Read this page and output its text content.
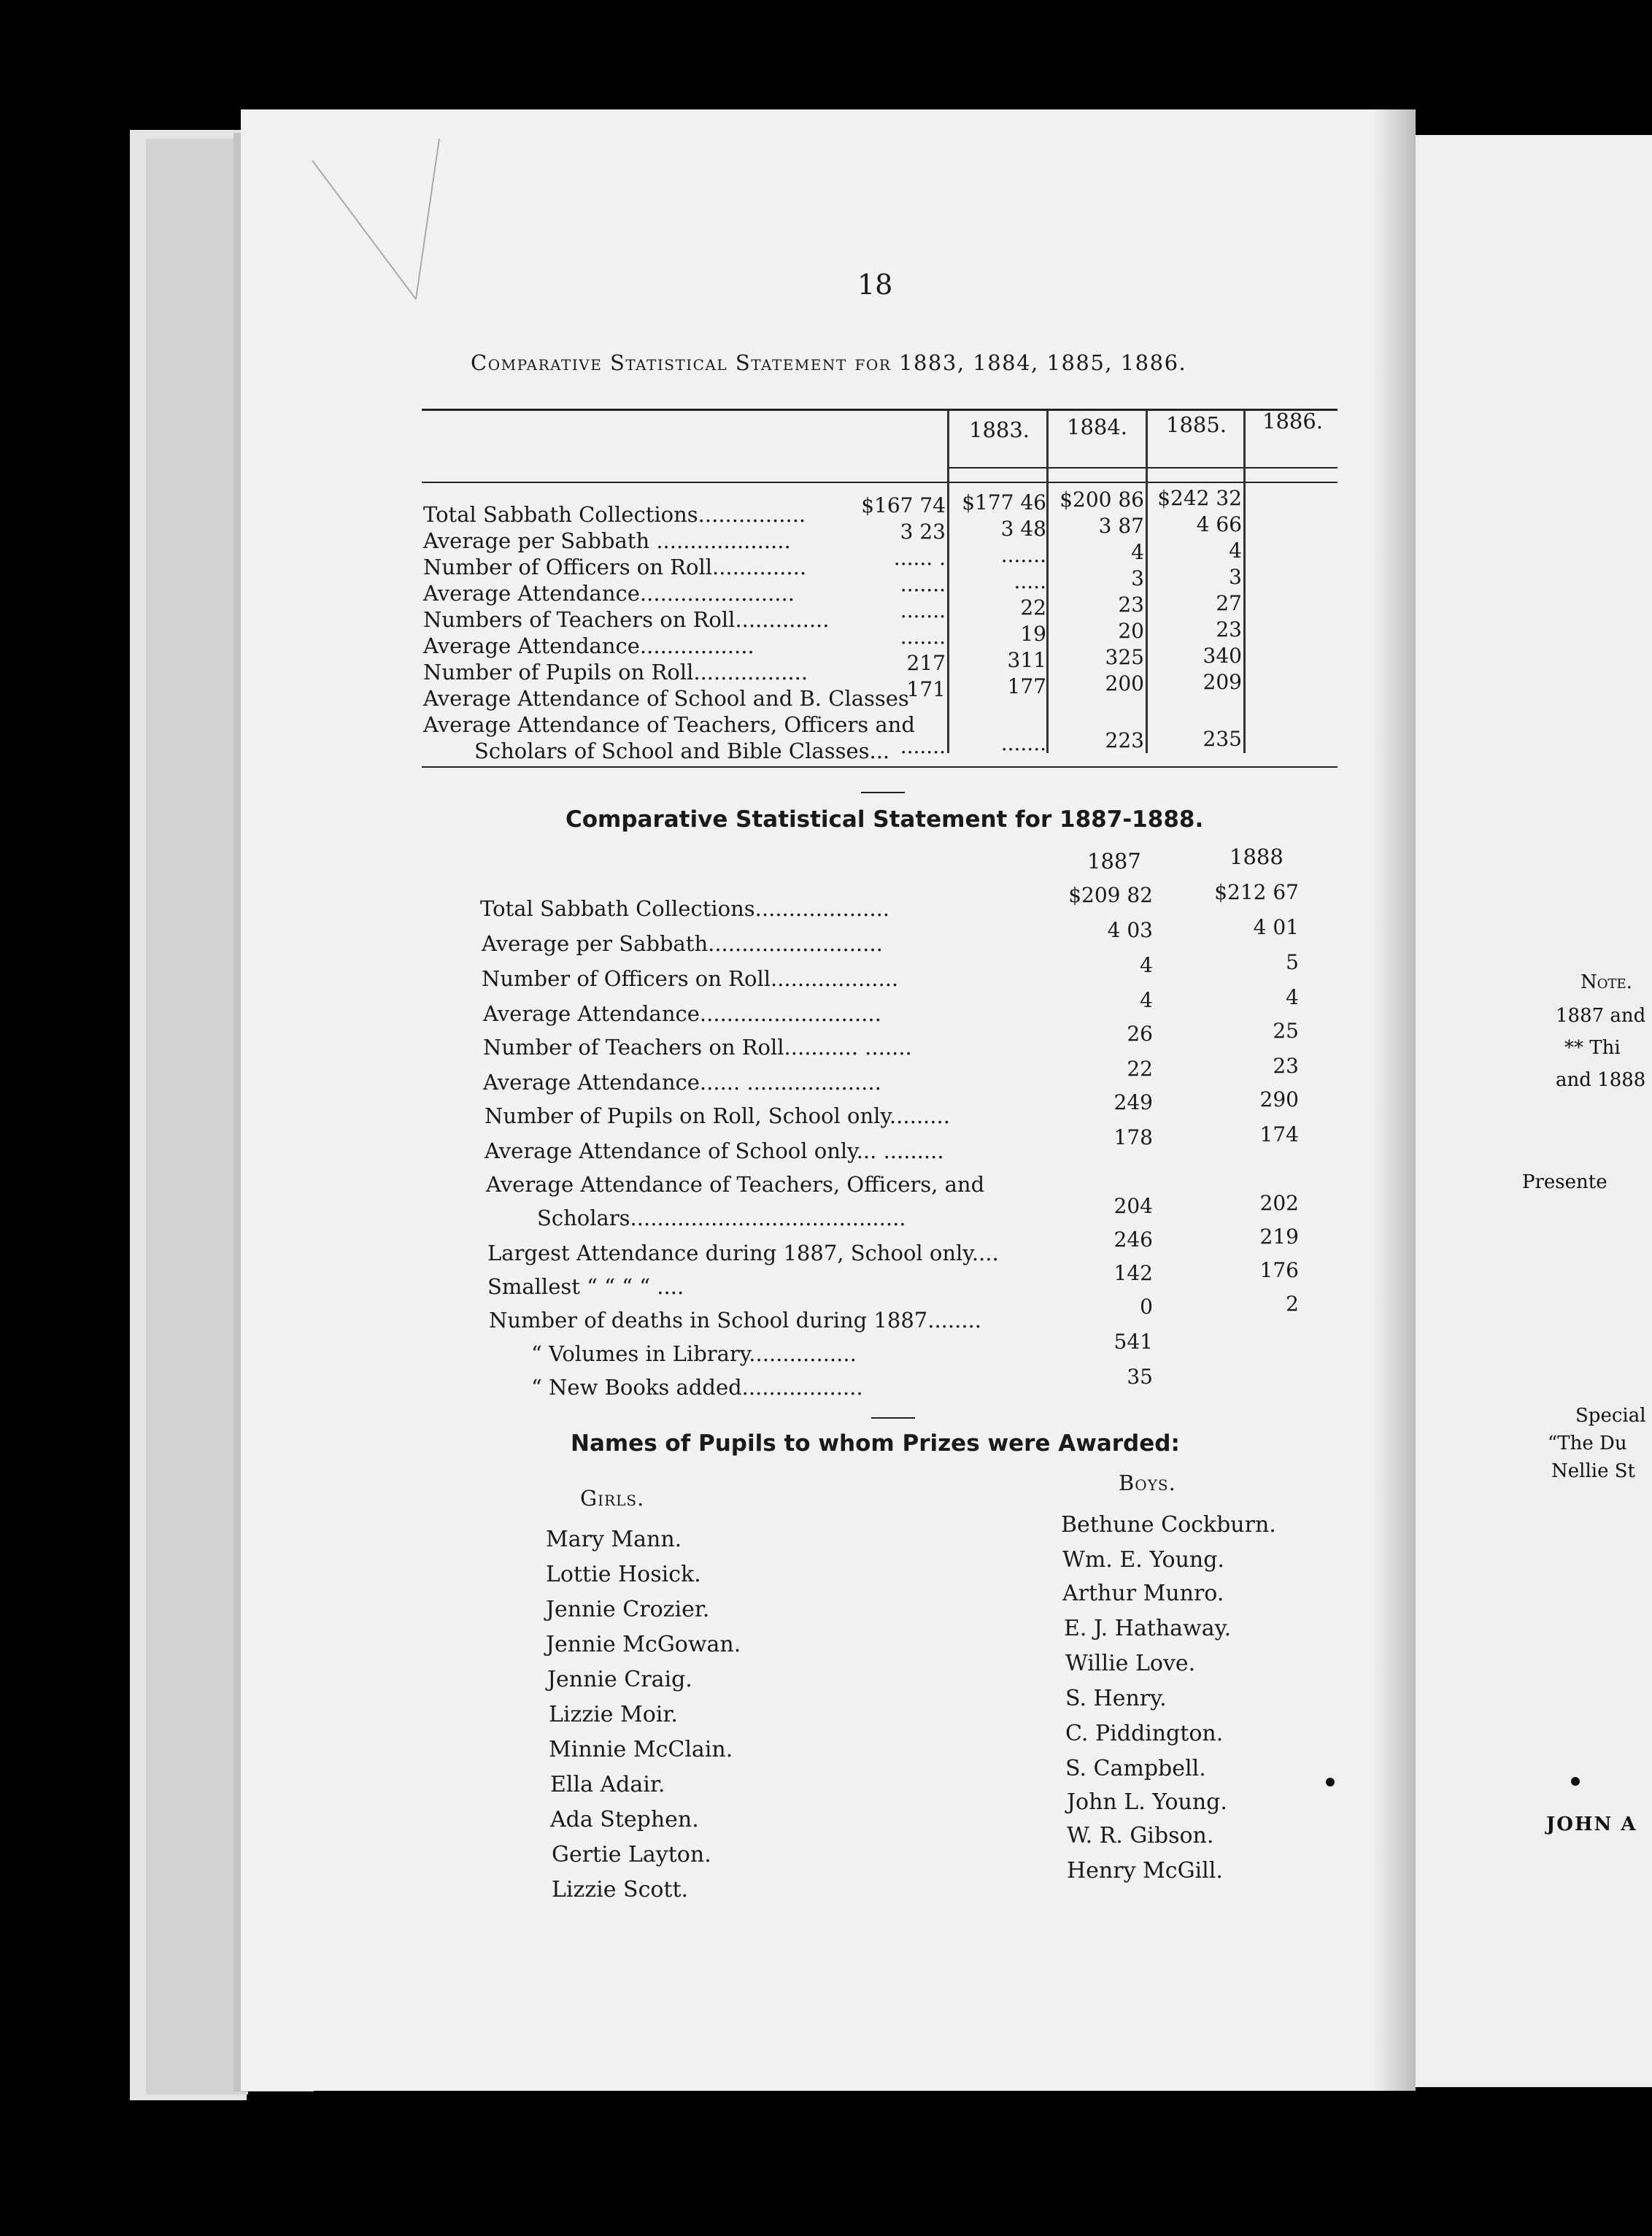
Note.
1887 and
** Thi
and 1888
Presente
Special
“The Du
Nellie St
JOHN A
18
Comparative Statistical Statement for 1883, 1884, 1885, 1886.
1883. 1884. 1885. 1886.
Total Sabbath Collections................	$167 74 $177 46 $200 86 $242 32
Average per Sabbath ....................	3 23	3 48	3 87	4 66
Number of Officers on Roll..............	...... .	.......	4	4
Average Attendance.......................	.......	.....	3	3
Numbers of Teachers on Roll..............	.......	22	23	27
Average Attendance.................	.......	19	20	23
Number of Pupils on Roll.................	217	311	325	340
Average Attendance of School and B. Classes
171	177	200	209
Average Attendance of Teachers, Officers and
Scholars of School and Bible Classes... .......	.......	223	235
Comparative Statistical Statement for 1887-1888.
1887	1888
Total Sabbath Collections....................
$209 82	$212 67
Average per Sabbath..........................
4 03	4 01
Number of Officers on Roll...................
4	5
Average Attendance...........................
4	4
Number of Teachers on Roll........... .......
26	25
Average Attendance...... ....................
22	23
Number of Pupils on Roll, School only.........
249	290
Average Attendance of School only... .........
178	174
Average Attendance of Teachers, Officers, and
Scholars.........................................	204	202
Largest Attendance during 1887, School only....
246	219
Smallest “ “ “ “ ....
142	176
Number of deaths in School during 1887........
0	2
“ Volumes in Library................	541
“ New Books added..................	35
Names of Pupils to whom Prizes were Awarded:
Girls.
Boys.
Mary Mann.
Lottie Hosick.
Jennie Crozier.
Jennie McGowan.
Jennie Craig.
Lizzie Moir.
Minnie McClain.
Ella Adair.
Ada Stephen.
Gertie Layton.
Lizzie Scott.
Bethune Cockburn.
Wm. E. Young.
Arthur Munro.
E. J. Hathaway.
Willie Love.
S. Henry.
C. Piddington.
S. Campbell.
John L. Young.
W. R. Gibson.
Henry McGill.
